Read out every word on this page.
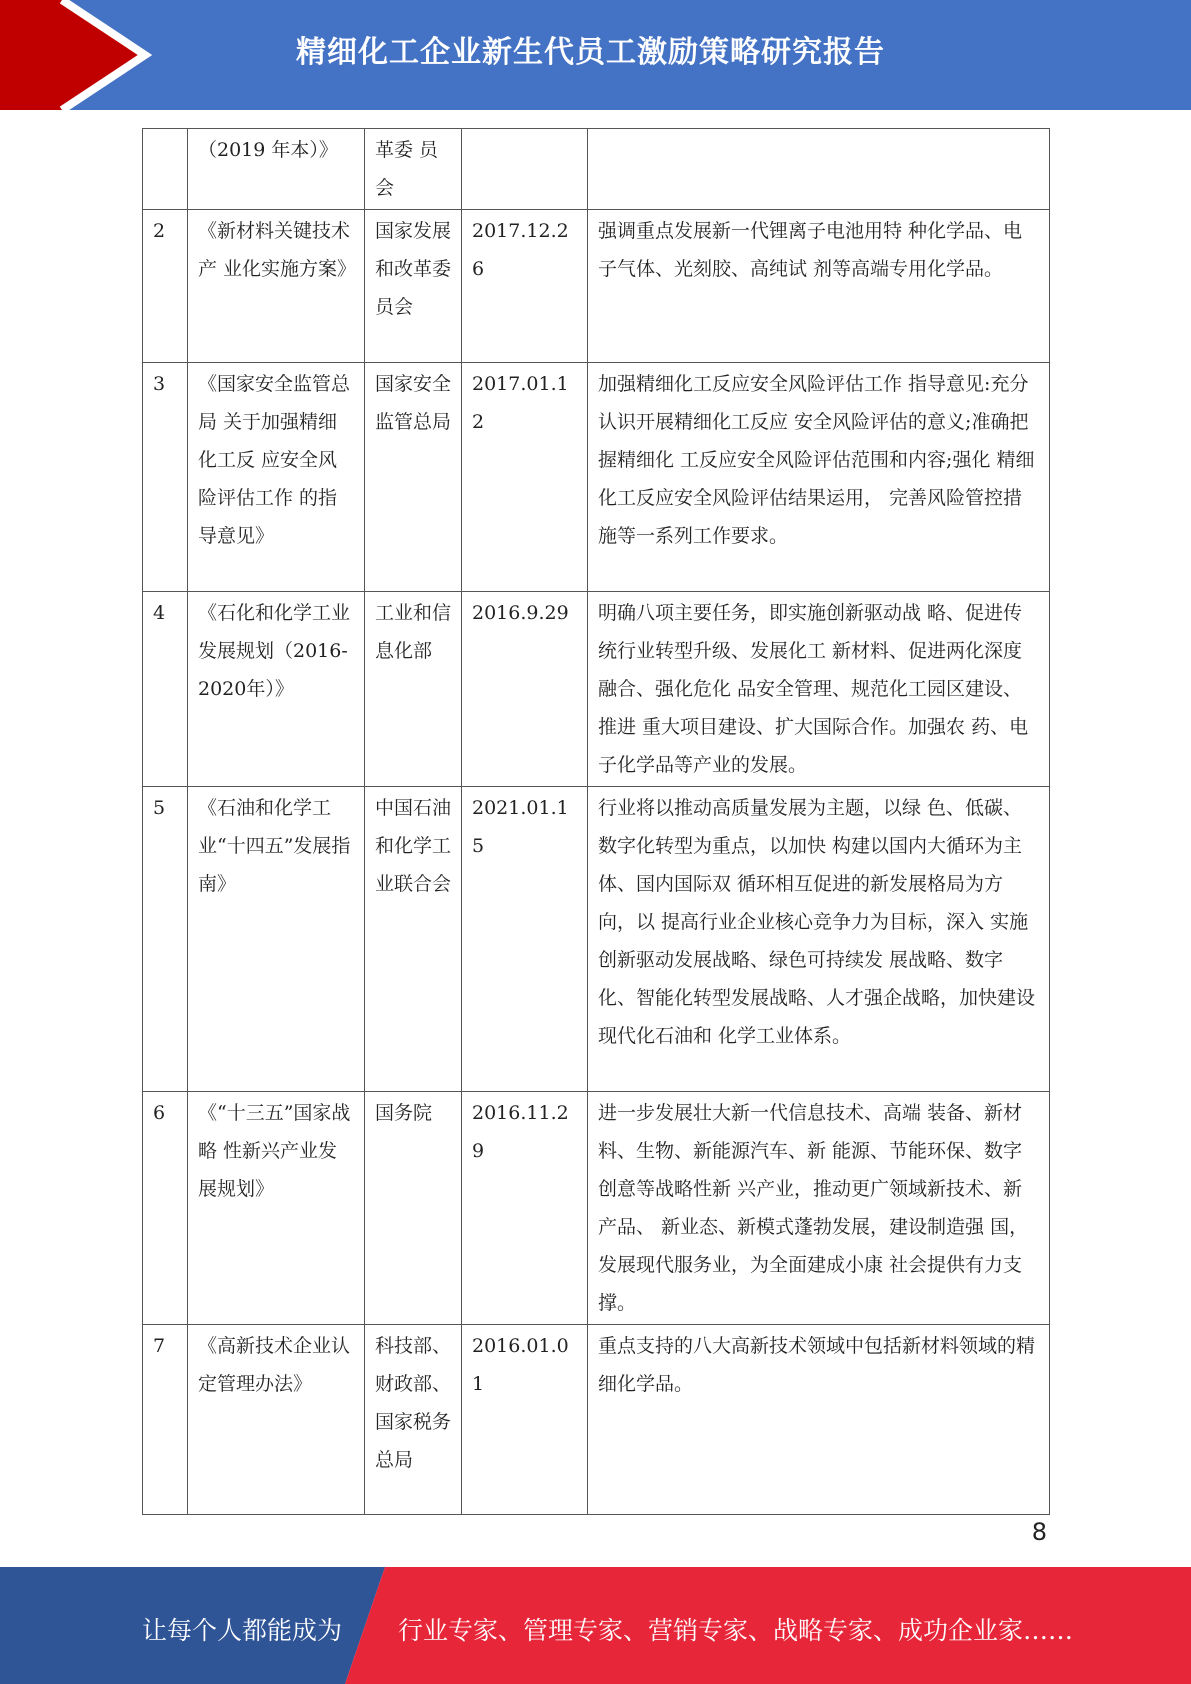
精细化工企业新生代员工激励策略研究报告
	（2019 年本）》	革委 员会		
2	《新材料关键技术产 业化实施方案》	国家发展 和改革委 员会	2017.12.26	强调重点发展新一代锂离子电池用特 种化学品、电子气体、光刻胶、高纯试 剂等高端专用化学品。
3	《国家安全监管总局 关于加强精细化工反 应安全风险评估工作 的指导意见》	国家安全 监管总局	2017.01.12	加强精细化工反应安全风险评估工作 指导意见:充分认识开展精细化工反应 安全风险评估的意义;准确把握精细化 工反应安全风险评估范围和内容;强化 精细化工反应安全风险评估结果运用， 完善风险管控措施等一系列工作要求。
4	《石化和化学工业发展规划（2016-2020年）》	工业和信息化部	2016.9.29	明确八项主要任务，即实施创新驱动战 略、促进传统行业转型升级、发展化工 新材料、促进两化深度融合、强化危化 品安全管理、规范化工园区建设、推进 重大项目建设、扩大国际合作。加强农 药、电子化学品等产业的发展。
5	《石油和化学工业“十四五”发展指 南》	中国石油 和化学工 业联合会	2021.01.15	行业将以推动高质量发展为主题，以绿 色、低碳、数字化转型为重点，以加快 构建以国内大循环为主体、国内国际双 循环相互促进的新发展格局为方向，以 提高行业企业核心竞争力为目标，深入 实施创新驱动发展战略、绿色可持续发 展战略、数字化、智能化转型发展战略、人才强企战略，加快建设现代化石油和 化学工业体系。
6	《“十三五”国家战略 性新兴产业发展规划》	国务院	2016.11.29	进一步发展壮大新一代信息技术、高端 装备、新材料、生物、新能源汽车、新 能源、节能环保、数字创意等战略性新 兴产业，推动更广领域新技术、新产品、 新业态、新模式蓬勃发展，建设制造强 国，发展现代服务业，为全面建成小康 社会提供有力支撑。
7	《高新技术企业认定管理办法》	科技部、财政部、国家税务 总局	2016.01.01	重点支持的八大高新技术领域中包括新材料领域的精细化学品。
8
让每个人都能成为 行业专家、管理专家、营销专家、战略专家、成功企业家……
